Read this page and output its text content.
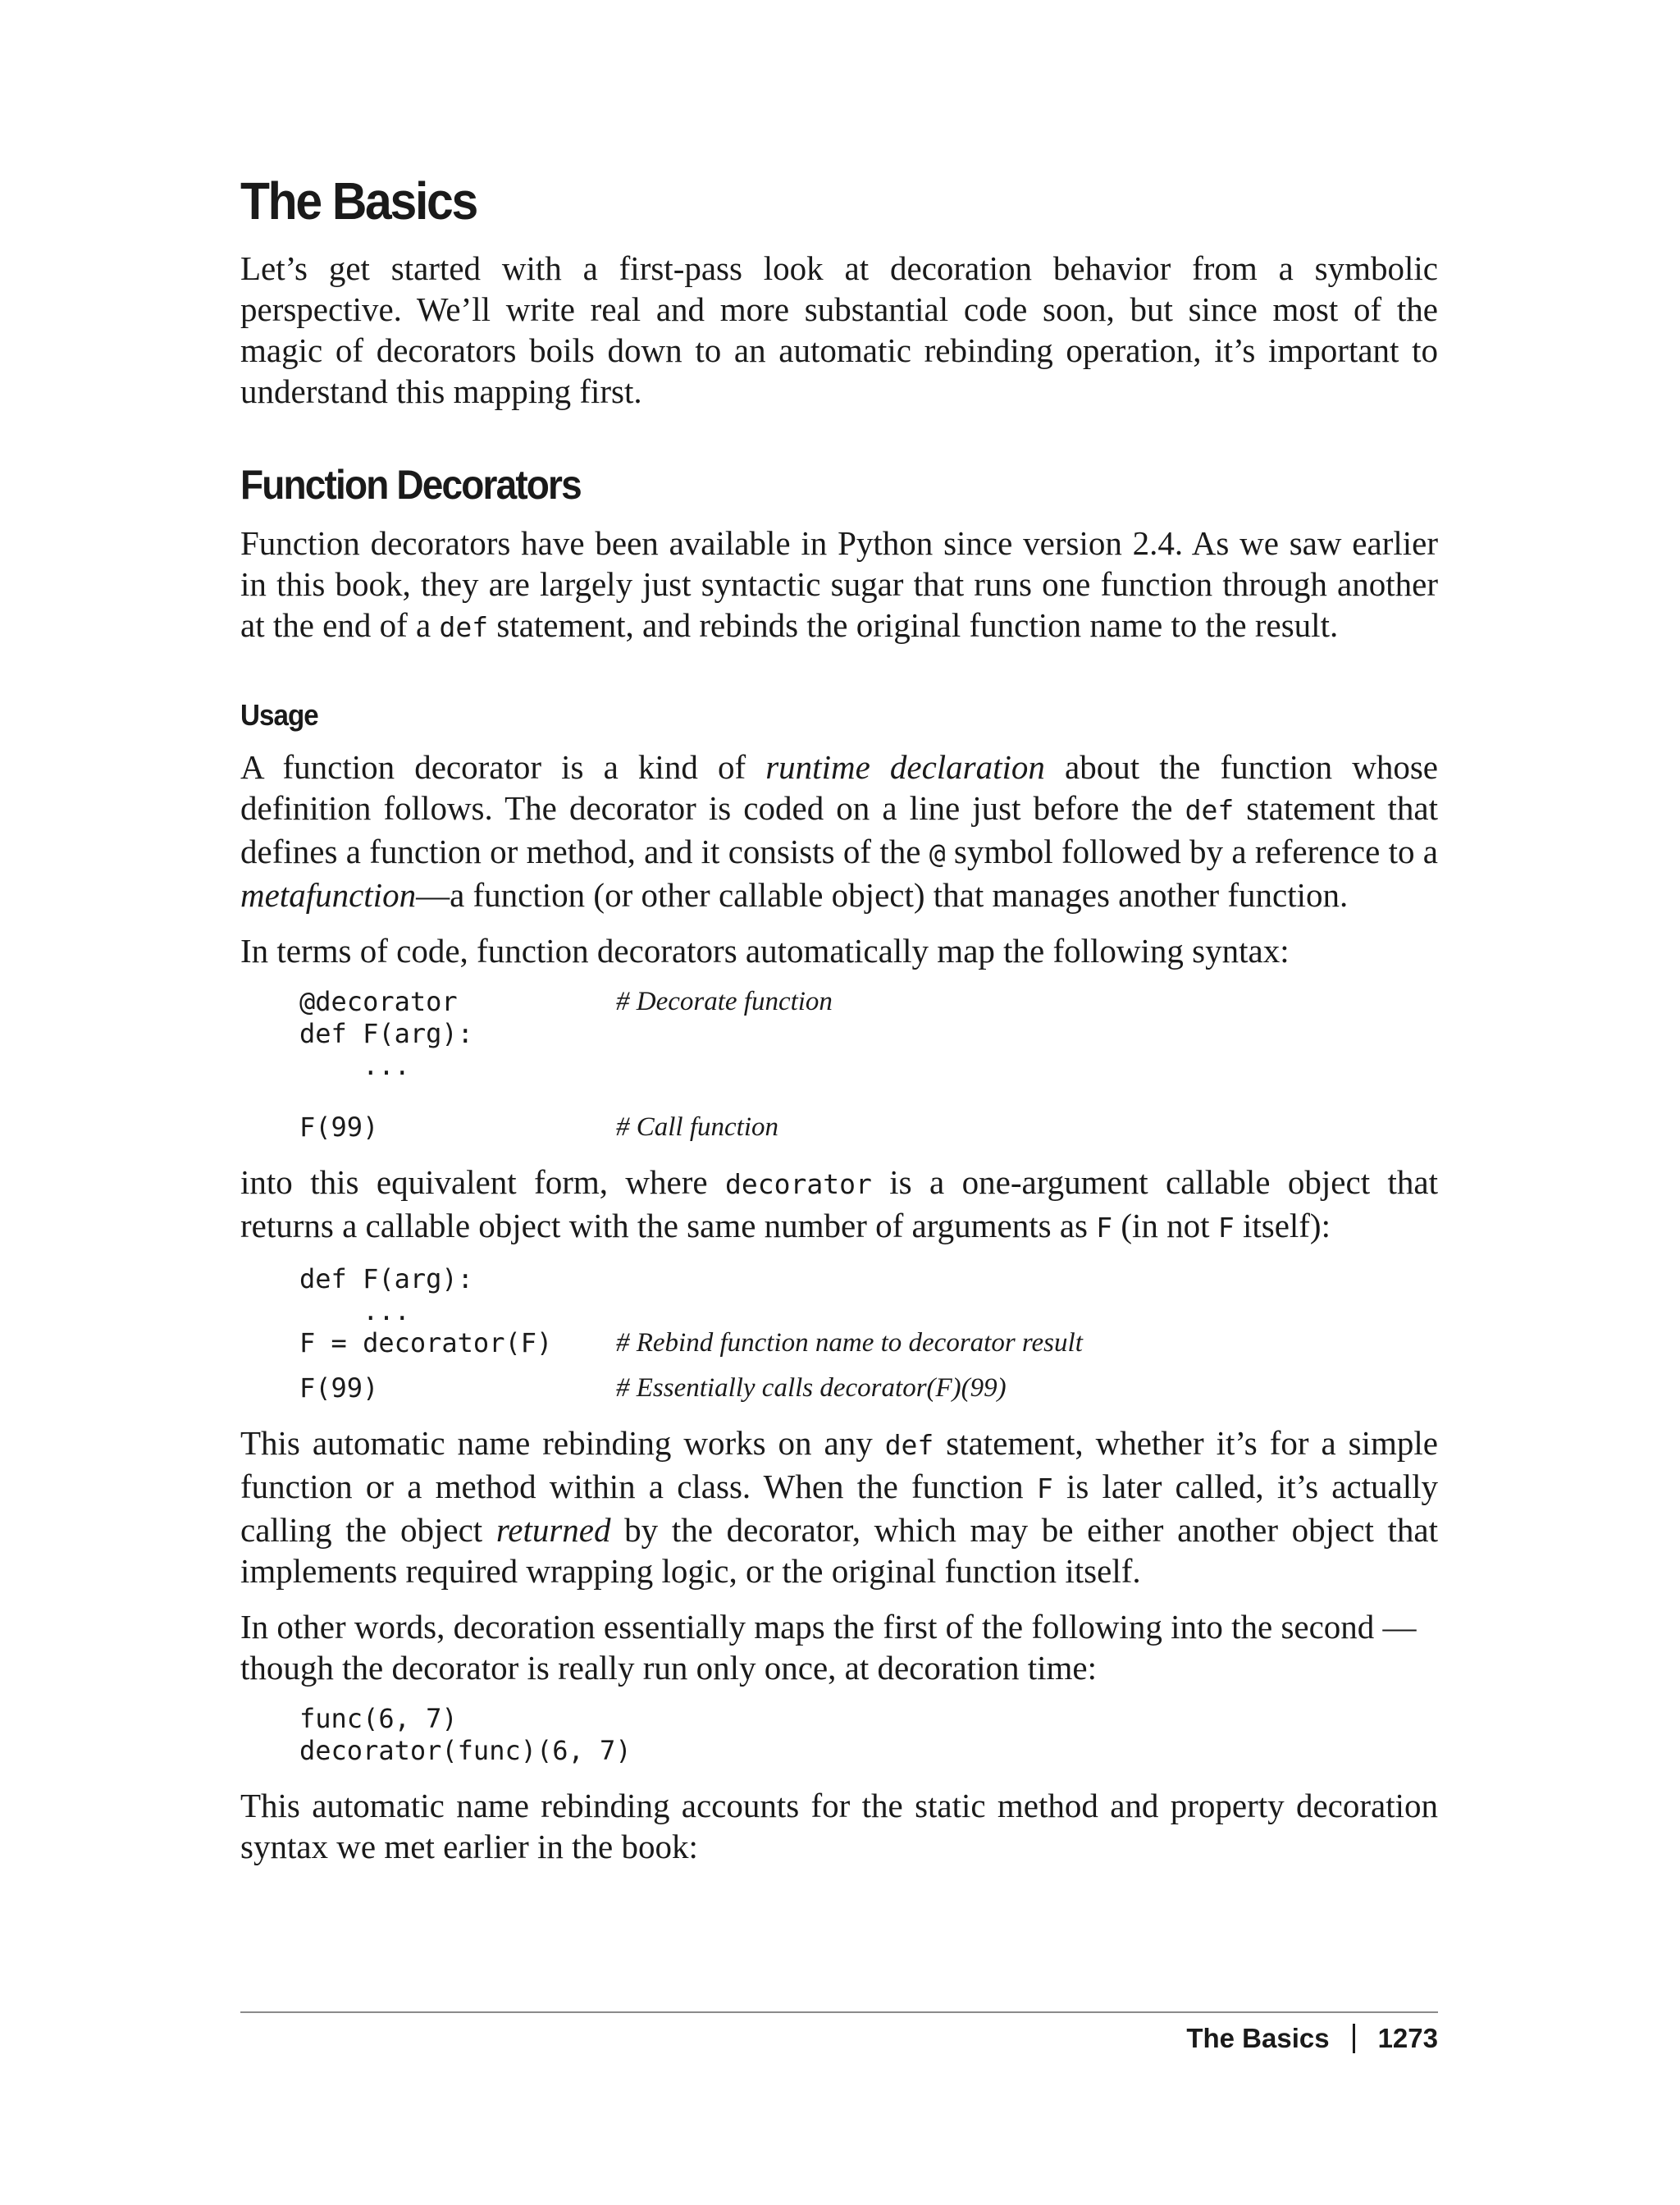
The Basics

Let’s get started with a first-pass look at decoration behavior from a symbolic perspective. We’ll write real and more substantial code soon, but since most of the magic of decorators boils down to an automatic rebinding operation, it’s important to understand this mapping first.

Function Decorators

Function decorators have been available in Python since version 2.4. As we saw earlier in this book, they are largely just syntactic sugar that runs one function through another at the end of a def statement, and rebinds the original function name to the result.

Usage

A function decorator is a kind of runtime declaration about the function whose definition follows. The decorator is coded on a line just before the def statement that defines a function or method, and it consists of the @ symbol followed by a reference to a metafunction—a function (or other callable object) that manages another function.

In terms of code, function decorators automatically map the following syntax:

@decorator	# Decorate function
def F(arg):
...
F(99)	# Call function

into this equivalent form, where decorator is a one-argument callable object that returns a callable object with the same number of arguments as F (in not F itself):

def F(arg):
...
F = decorator(F)	# Rebind function name to decorator result
F(99)	# Essentially calls decorator(F)(99)

This automatic name rebinding works on any def statement, whether it’s for a simple function or a method within a class. When the function F is later called, it’s actually calling the object returned by the decorator, which may be either another object that implements required wrapping logic, or the original function itself.

In other words, decoration essentially maps the first of the following into the second —though the decorator is really run only once, at decoration time:

func(6, 7)
decorator(func)(6, 7)

This automatic name rebinding accounts for the static method and property decoration syntax we met earlier in the book:

The Basics 1273
